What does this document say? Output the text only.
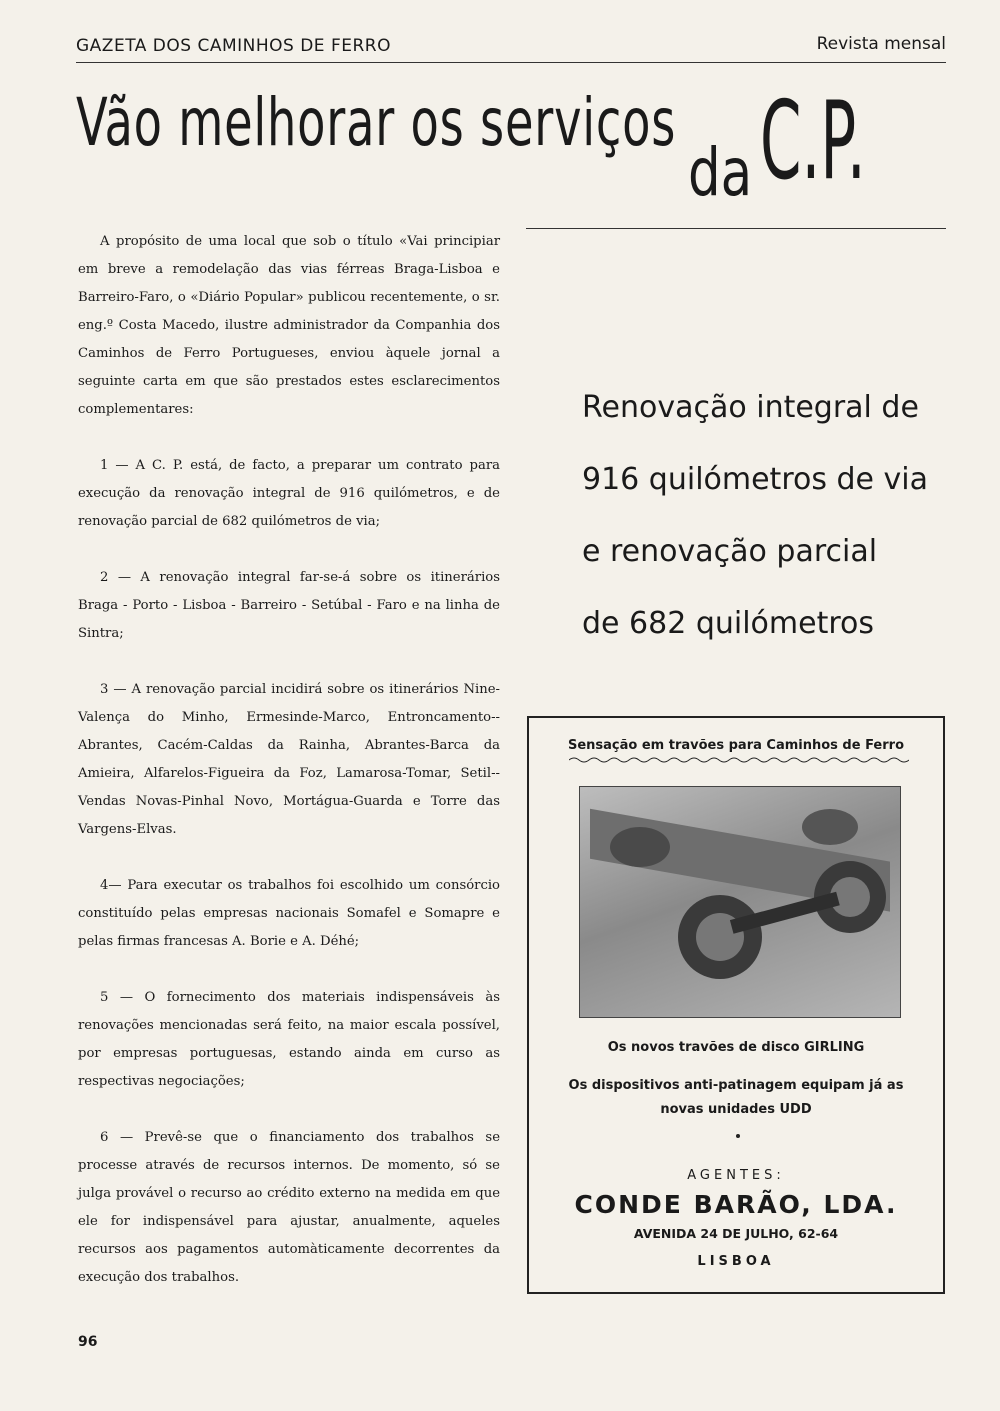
GAZETA DOS CAMINHOS DE FERRO	Revista mensal
Vão melhorar os serviços
da C.P.

A propósito de uma local que sob o título «Vai principiar em breve a remodelação das vias férreas Braga-Lisboa e Barreiro-Faro, o «Diário Popular» publicou recentemente, o sr. eng.º Costa Macedo, ilustre administrador da Companhia dos Caminhos de Ferro Portugueses, enviou àquele jornal a seguinte carta em que são prestados estes esclarecimentos complementares:

1 — A C. P. está, de facto, a preparar um contrato para execução da renovação integral de 916 quilómetros, e de renovação parcial de 682 quilómetros de via;

2 — A renovação integral far-se-á sobre os itinerários Braga - Porto - Lisboa - Barreiro - Setúbal - Faro e na linha de Sintra;

3 — A renovação parcial incidirá sobre os itinerários Nine-Valença do Minho, Ermesinde-Marco, Entroncamento--Abrantes, Cacém-Caldas da Rainha, Abrantes-Barca da Amieira, Alfarelos-Figueira da Foz, Lamarosa-Tomar, Setil--Vendas Novas-Pinhal Novo, Mortágua-Guarda e Torre das Vargens-Elvas.

4— Para executar os trabalhos foi escolhido um consórcio constituído pelas empresas nacionais Somafel e Somapre e pelas firmas francesas A. Borie e A. Déhé;

5 — O fornecimento dos materiais indispensáveis às renovações mencionadas será feito, na maior escala possível, por empresas portuguesas, estando ainda em curso as respectivas negociações;

6 — Prevê-se que o financiamento dos trabalhos se processe através de recursos internos. De momento, só se julga provável o recurso ao crédito externo na medida em que ele for indispensável para ajustar, anualmente, aqueles recursos aos pagamentos automàticamente decorrentes da execução dos trabalhos.

Renovação integral de
916 quilómetros de via
e renovação parcial
de 682 quilómetros
Sensação em travões para Caminhos de Ferro
Os novos travões de disco GIRLING
Os dispositivos anti-patinagem equipam já as
novas unidades UDD
AGENTES:
CONDE BARÃO, LDA.
AVENIDA 24 DE JULHO, 62-64
LISBOA
96
